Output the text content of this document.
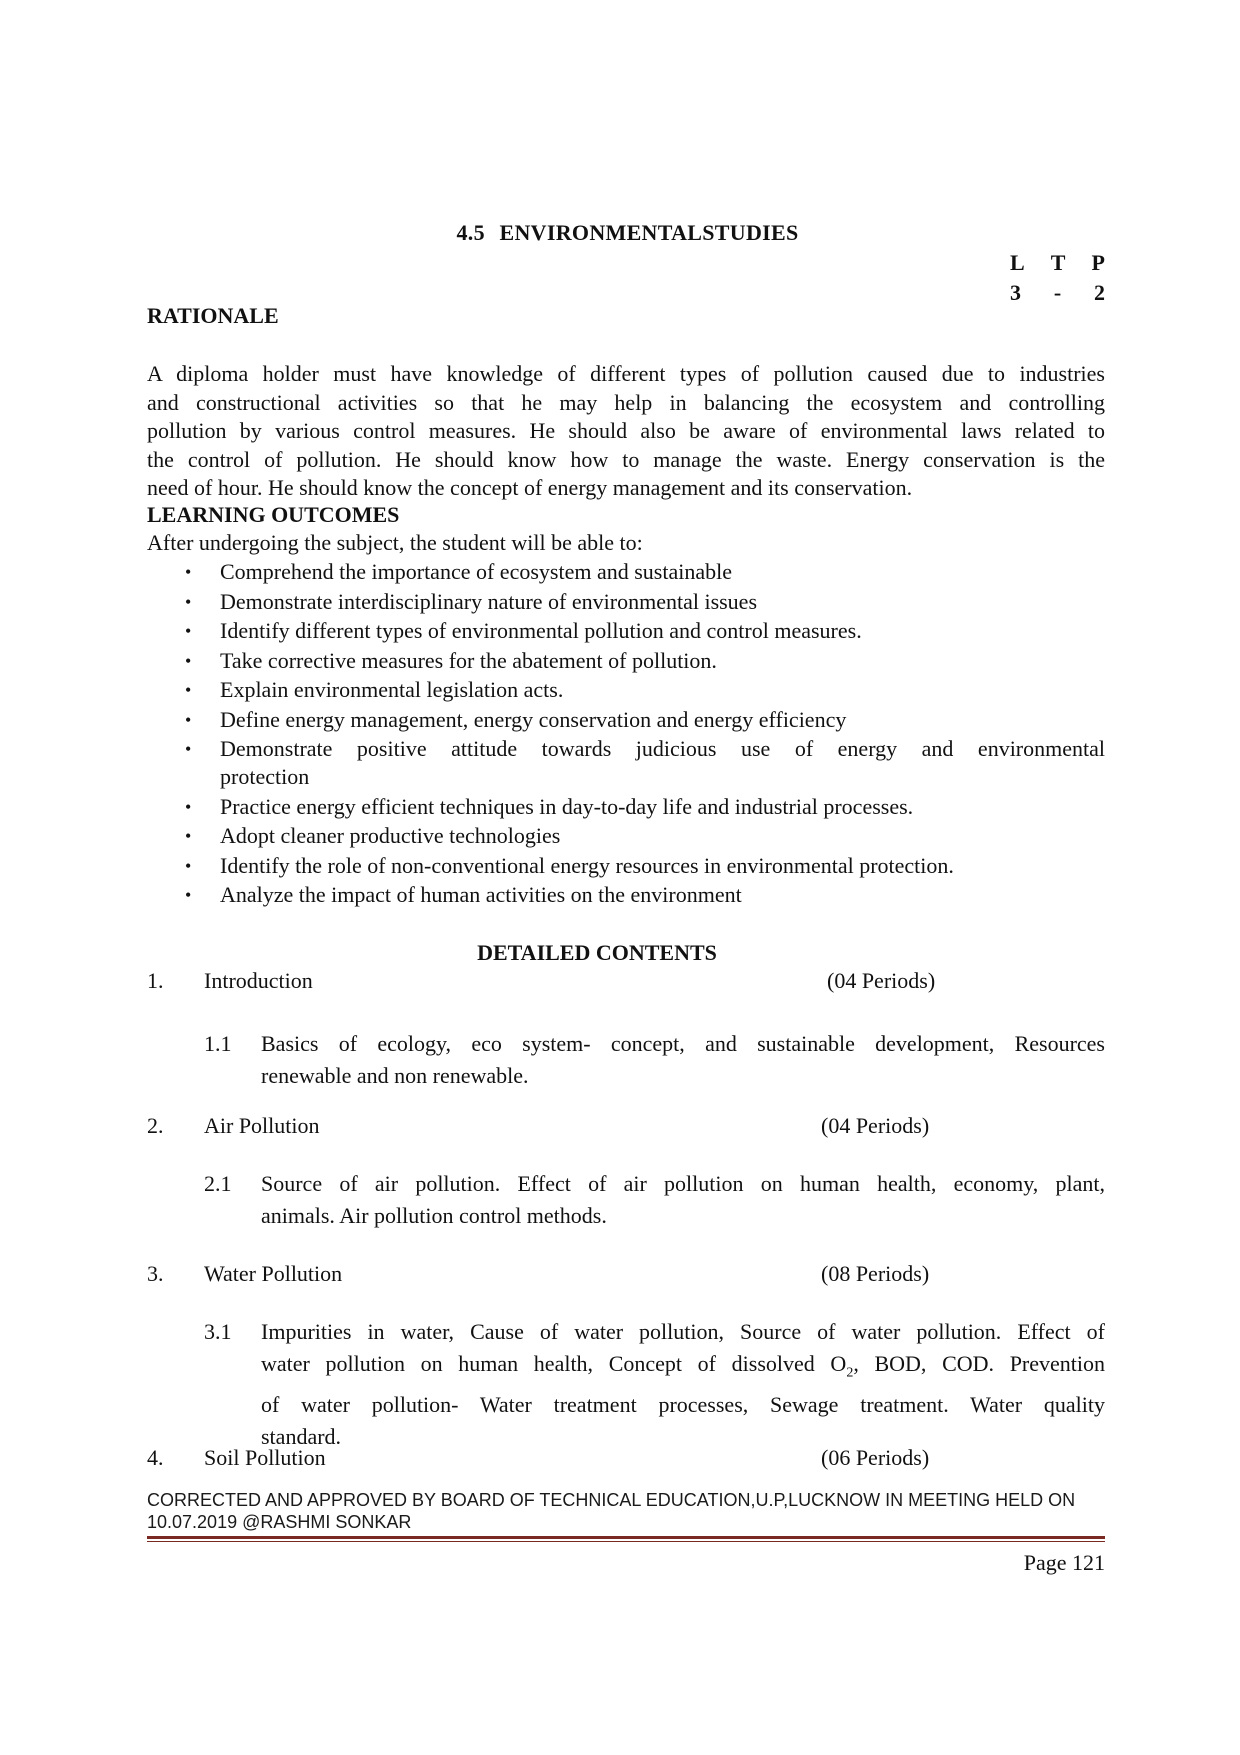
4.5 ENVIRONMENTALSTUDIES
L T P
3 - 2
RATIONALE

A diploma holder must have knowledge of different types of pollution caused due to industries

and constructional activities so that he may help in balancing the ecosystem and controlling

pollution by various control measures. He should also be aware of environmental laws related to

the control of pollution. He should know how to manage the waste. Energy conservation is the

need of hour. He should know the concept of energy management and its conservation.

LEARNING OUTCOMES
After undergoing the subject, the student will be able to:
• Comprehend the importance of ecosystem and sustainable
• Demonstrate interdisciplinary nature of environmental issues
• Identify different types of environmental pollution and control measures.
• Take corrective measures for the abatement of pollution.
• Explain environmental legislation acts.
• Define energy management, energy conservation and energy efficiency
• Demonstrate positive attitude towards judicious use of energy and environmental
protection
• Practice energy efficient techniques in day-to-day life and industrial processes.
• Adopt cleaner productive technologies
• Identify the role of non-conventional energy resources in environmental protection.
• Analyze the impact of human activities on the environment
DETAILED CONTENTS
1. Introduction	(04 Periods)
1.1 Basics of ecology, eco system- concept, and sustainable development, Resources

renewable and non renewable.

2. Air Pollution	(04 Periods)
2.1 Source of air pollution. Effect of air pollution on human health, economy, plant,

animals. Air pollution control methods.

3. Water Pollution	(08 Periods)
3.1 Impurities in water, Cause of water pollution, Source of water pollution. Effect of

water pollution on human health, Concept of dissolved $O_2$, BOD, COD. Prevention

of water pollution- Water treatment processes, Sewage treatment. Water quality

standard.

4. Soil Pollution	(06 Periods)
CORRECTED AND APPROVED BY BOARD OF TECHNICAL EDUCATION,U.P,LUCKNOW IN MEETING HELD ON
10.07.2019 @RASHMI SONKAR
Page 121
